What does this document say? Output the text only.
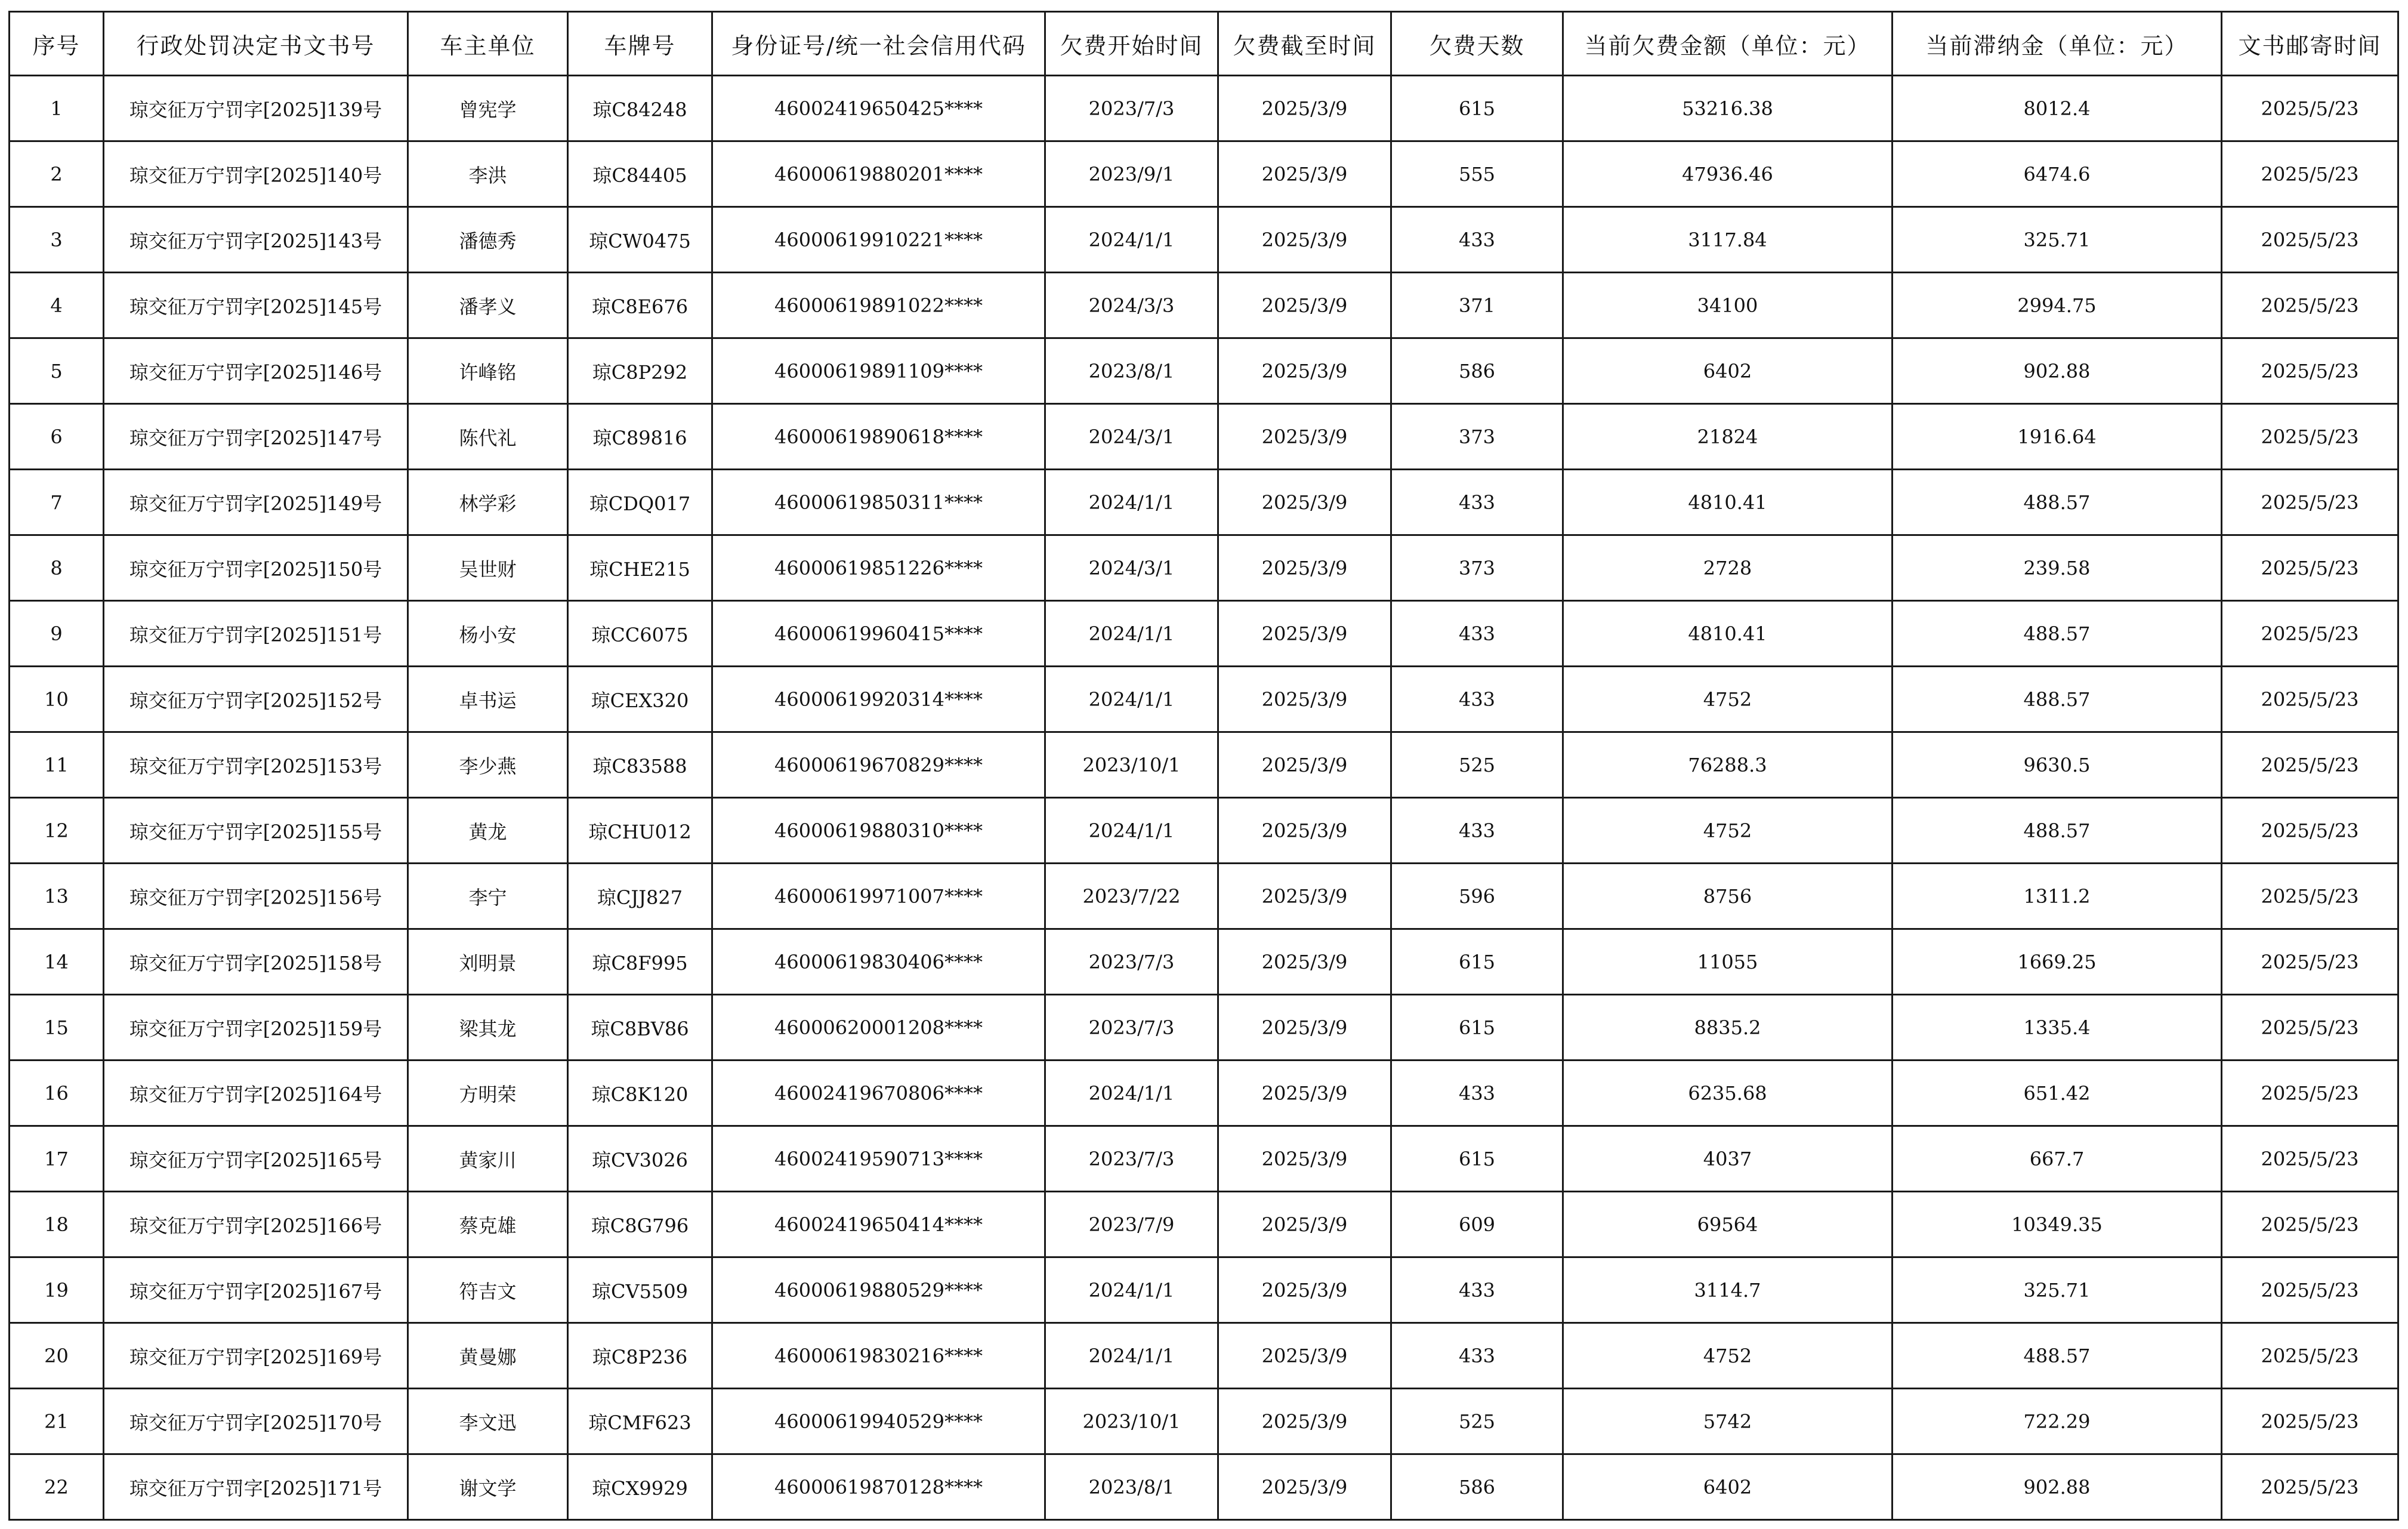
序号	行政处罚决定书文书号	车主单位	车牌号	身份证号/统一社会信用代码	欠费开始时间	欠费截至时间	欠费天数	当前欠费金额（单位：元）	当前滞纳金（单位：元）	文书邮寄时间
1	琼交征万宁罚字[2025]139号	曾宪学	琼C84248	46002419650425****	2023/7/3	2025/3/9	615	53216.38	8012.4	2025/5/23
2	琼交征万宁罚字[2025]140号	李洪	琼C84405	46000619880201****	2023/9/1	2025/3/9	555	47936.46	6474.6	2025/5/23
3	琼交征万宁罚字[2025]143号	潘德秀	琼CW0475	46000619910221****	2024/1/1	2025/3/9	433	3117.84	325.71	2025/5/23
4	琼交征万宁罚字[2025]145号	潘孝义	琼C8E676	46000619891022****	2024/3/3	2025/3/9	371	34100	2994.75	2025/5/23
5	琼交征万宁罚字[2025]146号	许峰铭	琼C8P292	46000619891109****	2023/8/1	2025/3/9	586	6402	902.88	2025/5/23
6	琼交征万宁罚字[2025]147号	陈代礼	琼C89816	46000619890618****	2024/3/1	2025/3/9	373	21824	1916.64	2025/5/23
7	琼交征万宁罚字[2025]149号	林学彩	琼CDQ017	46000619850311****	2024/1/1	2025/3/9	433	4810.41	488.57	2025/5/23
8	琼交征万宁罚字[2025]150号	吴世财	琼CHE215	46000619851226****	2024/3/1	2025/3/9	373	2728	239.58	2025/5/23
9	琼交征万宁罚字[2025]151号	杨小安	琼CC6075	46000619960415****	2024/1/1	2025/3/9	433	4810.41	488.57	2025/5/23
10	琼交征万宁罚字[2025]152号	卓书运	琼CEX320	46000619920314****	2024/1/1	2025/3/9	433	4752	488.57	2025/5/23
11	琼交征万宁罚字[2025]153号	李少燕	琼C83588	46000619670829****	2023/10/1	2025/3/9	525	76288.3	9630.5	2025/5/23
12	琼交征万宁罚字[2025]155号	黄龙	琼CHU012	46000619880310****	2024/1/1	2025/3/9	433	4752	488.57	2025/5/23
13	琼交征万宁罚字[2025]156号	李宁	琼CJJ827	46000619971007****	2023/7/22	2025/3/9	596	8756	1311.2	2025/5/23
14	琼交征万宁罚字[2025]158号	刘明景	琼C8F995	46000619830406****	2023/7/3	2025/3/9	615	11055	1669.25	2025/5/23
15	琼交征万宁罚字[2025]159号	梁其龙	琼C8BV86	46000620001208****	2023/7/3	2025/3/9	615	8835.2	1335.4	2025/5/23
16	琼交征万宁罚字[2025]164号	方明荣	琼C8K120	46002419670806****	2024/1/1	2025/3/9	433	6235.68	651.42	2025/5/23
17	琼交征万宁罚字[2025]165号	黄家川	琼CV3026	46002419590713****	2023/7/3	2025/3/9	615	4037	667.7	2025/5/23
18	琼交征万宁罚字[2025]166号	蔡克雄	琼C8G796	46002419650414****	2023/7/9	2025/3/9	609	69564	10349.35	2025/5/23
19	琼交征万宁罚字[2025]167号	符吉文	琼CV5509	46000619880529****	2024/1/1	2025/3/9	433	3114.7	325.71	2025/5/23
20	琼交征万宁罚字[2025]169号	黄曼娜	琼C8P236	46000619830216****	2024/1/1	2025/3/9	433	4752	488.57	2025/5/23
21	琼交征万宁罚字[2025]170号	李文迅	琼CMF623	46000619940529****	2023/10/1	2025/3/9	525	5742	722.29	2025/5/23
22	琼交征万宁罚字[2025]171号	谢文学	琼CX9929	46000619870128****	2023/8/1	2025/3/9	586	6402	902.88	2025/5/23
